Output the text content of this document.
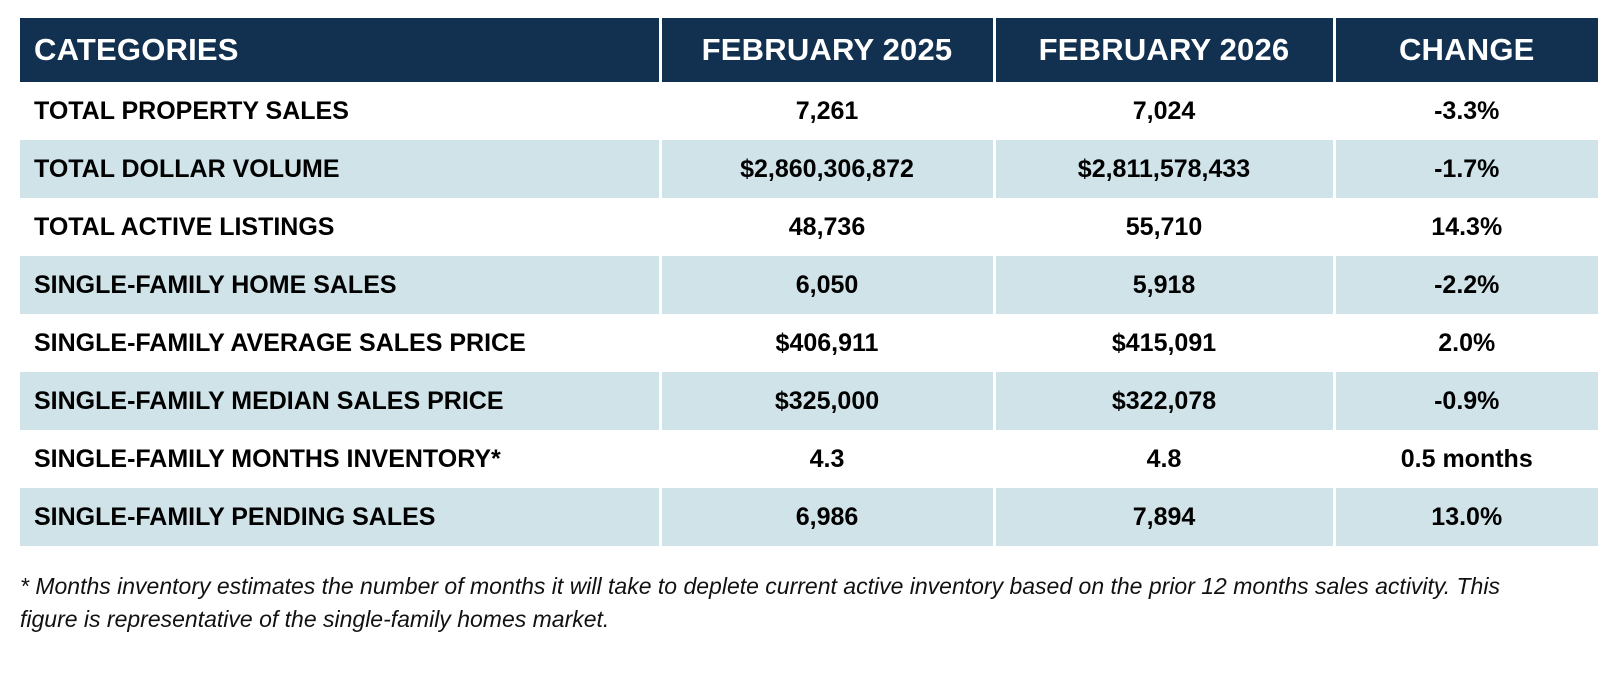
CATEGORIES	FEBRUARY 2025	FEBRUARY 2026	CHANGE
TOTAL PROPERTY SALES	7,261	7,024	-3.3%
TOTAL DOLLAR VOLUME	$2,860,306,872	$2,811,578,433	-1.7%
TOTAL ACTIVE LISTINGS	48,736	55,710	14.3%
SINGLE-FAMILY HOME SALES	6,050	5,918	-2.2%
SINGLE-FAMILY AVERAGE SALES PRICE	$406,911	$415,091	2.0%
SINGLE-FAMILY MEDIAN SALES PRICE	$325,000	$322,078	-0.9%
SINGLE-FAMILY MONTHS INVENTORY*	4.3	4.8	0.5 months
SINGLE-FAMILY PENDING SALES	6,986	7,894	13.0%
* Months inventory estimates the number of months it will take to deplete current active inventory based on the prior 12 months sales activity. This figure is representative of the single-family homes market.
